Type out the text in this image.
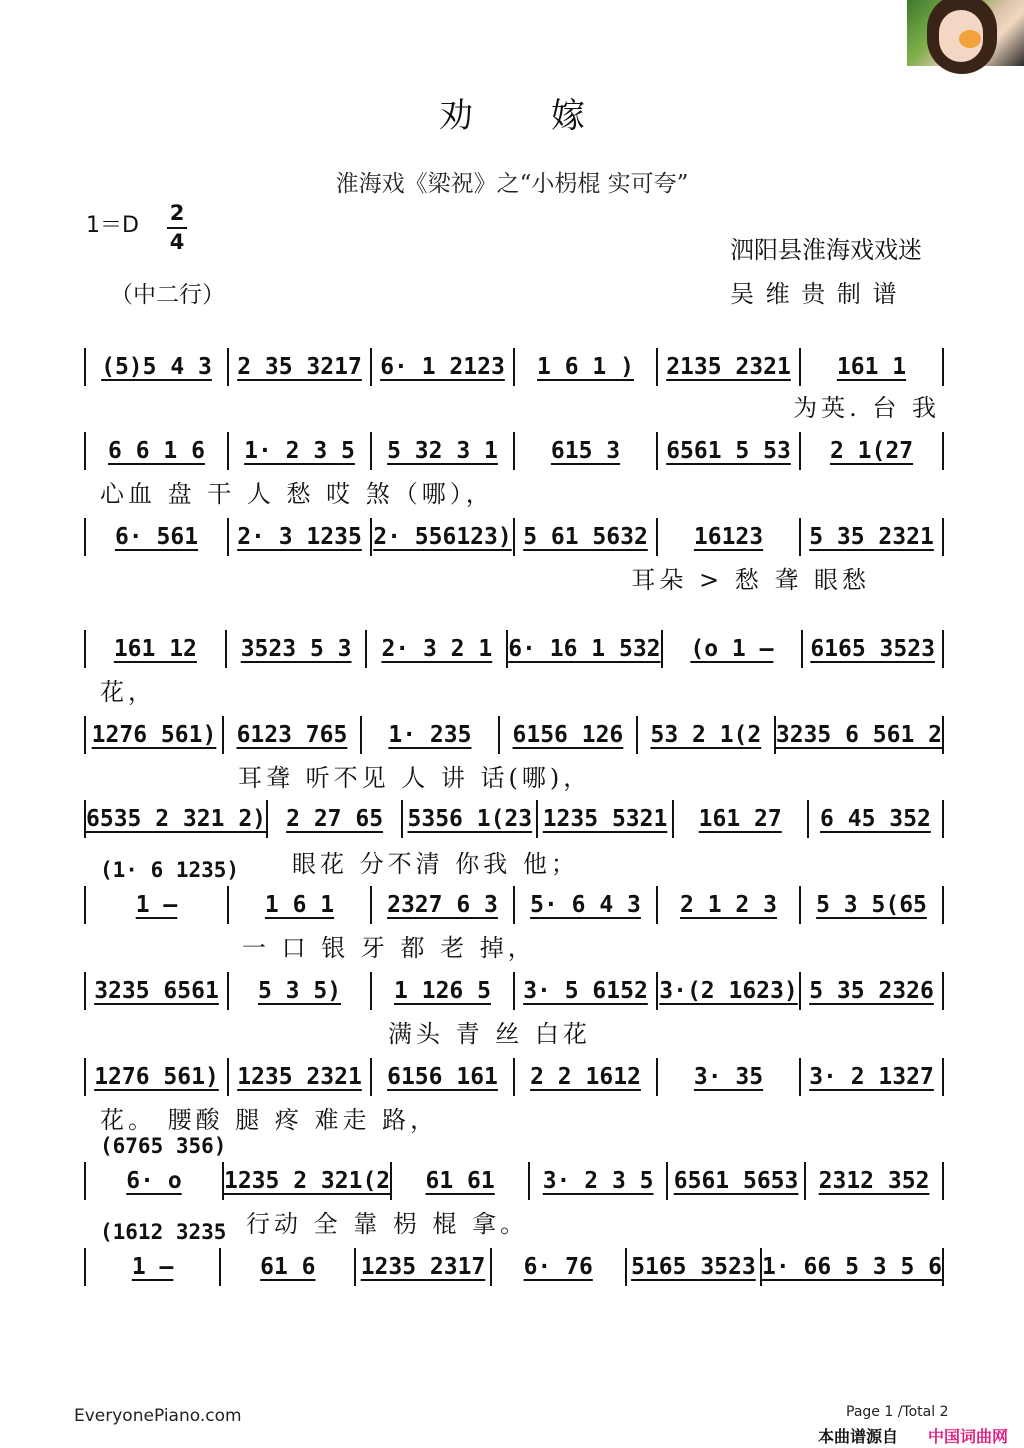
劝 嫁
淮海戏《梁祝》之“小枴棍 实可夸”
1＝D 2
4
（中二行）
泗阳县淮海戏戏迷
吴 维 贵 制 谱
(5)5 4 3 2 35 3217 6· 1 2123 1 6 1 ) 2135 2321 161 1
为英. 台 我
6 6 1 6 1· 2 3 5 5 32 3 1 615 3 6561 5 53 2 1(27
心血 盘 干 人 愁 哎 煞（哪），
6· 561 2· 3 1235 2· 556123) 5 61 5632 16123 5 35 2321
耳朵 > 愁 聋 眼愁
161 12 3523 5 3 2· 3 2 1 6· 16 1 532 (o 1 — 6165 3523
花，
1276 561) 6123 765 1· 235 6156 126 53 2 1(2 3235 6 561 2
耳聋 听不见 人 讲 话(哪)，
6535 2 321 2) 2 27 65 5356 1(23 1235 5321 161 27 6 45 352
眼花 分不清 你我 他；
(1· 6 1235)
1 —	1 6 1 2327 6 3 5· 6 4 3 2 1 2 3 5 3 5(65
一 口 银 牙 都 老 掉，
3235 6561 5 3 5) 1 126 5 3· 5 6152 3·(2 1623) 5 35 2326
满头 青 丝 白花
1276 561) 1235 2321 6156 161 2 2 1612 3· 35 3· 2 1327
花。 腰酸 腿 疼 难走 路，
(6765 356)
6· o 1235 2 321(2 61 61 3· 2 3 5 6561 5653 2312 352
行动 全 靠 枴 棍 拿。
(1612 3235
1 —	61 6 1235 2317 6· 76 5165 3523 1· 66 5 3 5 6
EveryonePiano.com	Page 1 /Total 2
本曲谱源自 中国词曲网
